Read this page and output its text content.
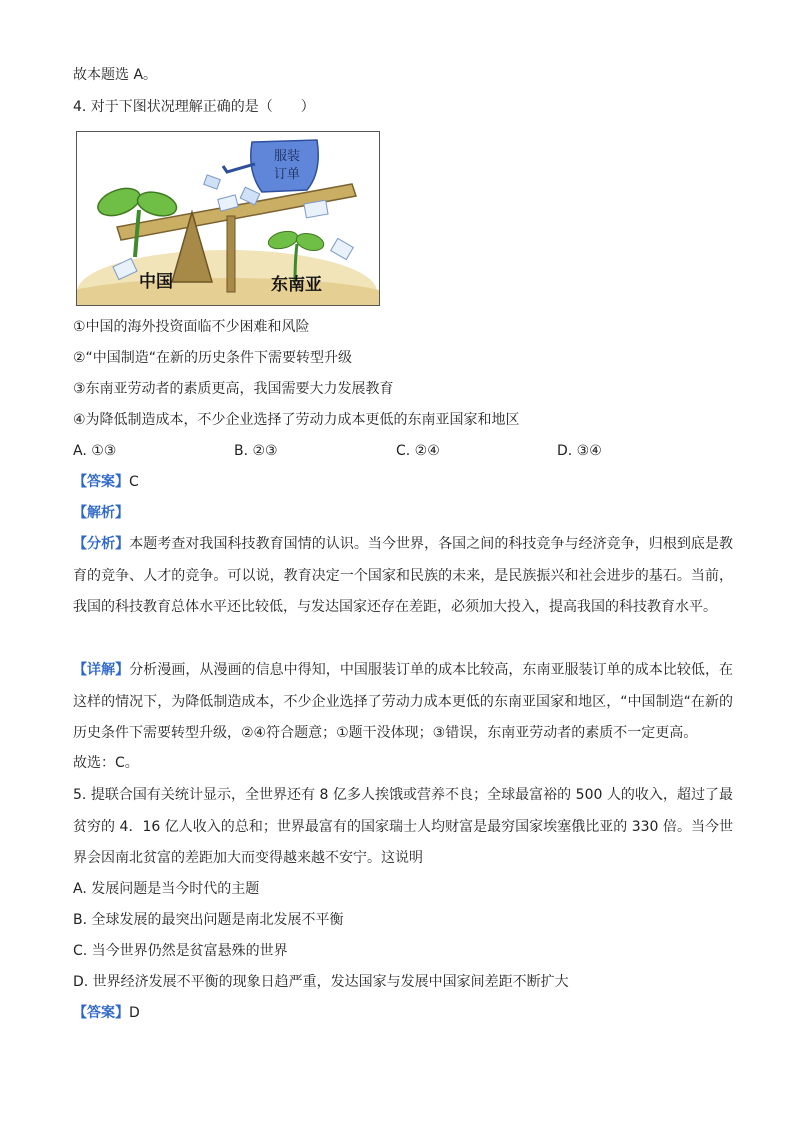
故本题选 A。
4. 对于下图状况理解正确的是（　　）
服装
订单
中国	东南亚
①中国的海外投资面临不少困难和风险
②“中国制造“在新的历史条件下需要转型升级
③东南亚劳动者的素质更高，我国需要大力发展教育
④为降低制造成本，不少企业选择了劳动力成本更低的东南亚国家和地区
A. ①③	B. ②③	C. ②④	D. ③④
【答案】C
【解析】
【分析】本题考查对我国科技教育国情的认识。当今世界，各国之间的科技竞争与经济竞争，归根到底是教育的竞争、人才的竞争。可以说，教育决定一个国家和民族的未来，是民族振兴和社会进步的基石。当前，我国的科技教育总体水平还比较低，与发达国家还存在差距，必须加大投入，提高我国的科技教育水平。
【详解】分析漫画，从漫画的信息中得知，中国服装订单的成本比较高，东南亚服装订单的成本比较低，在这样的情况下，为降低制造成本，不少企业选择了劳动力成本更低的东南亚国家和地区，“中国制造“在新的历史条件下需要转型升级，②④符合题意；①题干没体现；③错误，东南亚劳动者的素质不一定更高。
故选：C。
5. 提联合国有关统计显示，全世界还有 8 亿多人挨饿或营养不良；全球最富裕的 500 人的收入，超过了最贫穷的 4．16 亿人收入的总和；世界最富有的国家瑞士人均财富是最穷国家埃塞俄比亚的 330 倍。当今世界会因南北贫富的差距加大而变得越来越不安宁。这说明
A. 发展问题是当今时代的主题
B. 全球发展的最突出问题是南北发展不平衡
C. 当今世界仍然是贫富悬殊的世界
D. 世界经济发展不平衡的现象日趋严重，发达国家与发展中国家间差距不断扩大
【答案】D
